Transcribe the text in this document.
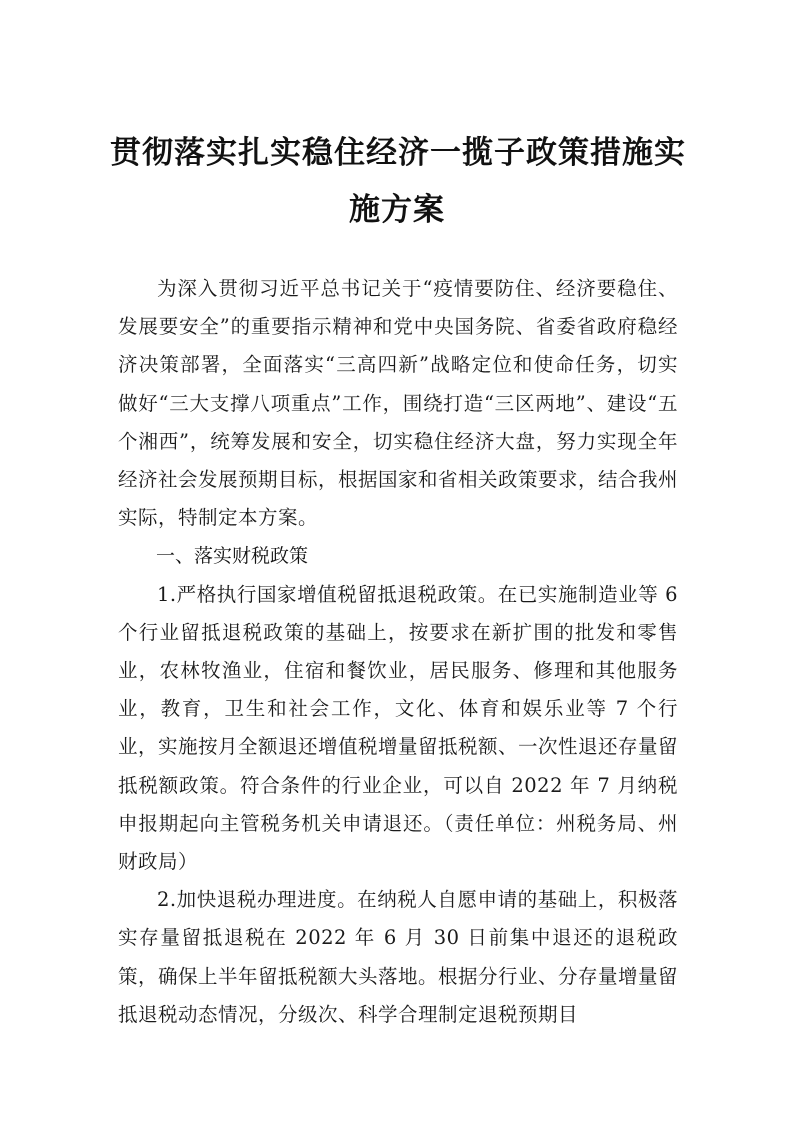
贯彻落实扎实稳住经济一揽子政策措施实
施方案

为深入贯彻习近平总书记关于“疫情要防住、经济要稳住、发展要安全”的重要指示精神和党中央国务院、省委省政府稳经济决策部署，全面落实“三高四新”战略定位和使命任务，切实做好“三大支撑八项重点”工作，围绕打造“三区两地”、建设“五个湘西”，统筹发展和安全，切实稳住经济大盘，努力实现全年经济社会发展预期目标，根据国家和省相关政策要求，结合我州实际，特制定本方案。

一、落实财税政策

1.严格执行国家增值税留抵退税政策。在已实施制造业等 6 个行业留抵退税政策的基础上，按要求在新扩围的批发和零售业，农林牧渔业，住宿和餐饮业，居民服务、修理和其他服务业，教育，卫生和社会工作，文化、体育和娱乐业等 7 个行业，实施按月全额退还增值税增量留抵税额、一次性退还存量留抵税额政策。符合条件的行业企业，可以自 2022 年 7 月纳税申报期起向主管税务机关申请退还。（责任单位：州税务局、州财政局）

2.加快退税办理进度。在纳税人自愿申请的基础上，积极落实存量留抵退税在 2022 年 6 月 30 日前集中退还的退税政策，确保上半年留抵税额大头落地。根据分行业、分存量增量留抵退税动态情况，分级次、科学合理制定退税预期目
